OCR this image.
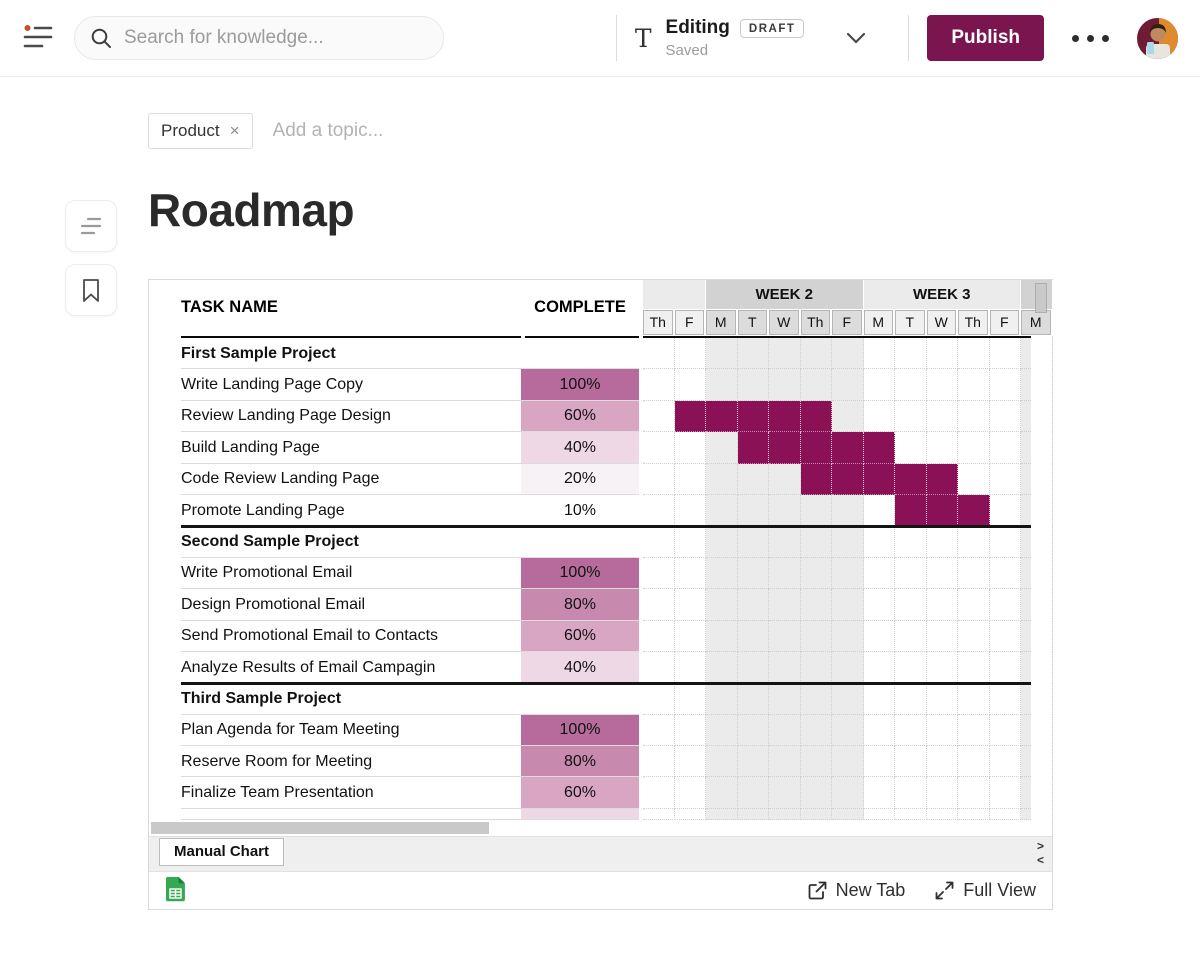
Search for knowledge...
T Editing	DRAFT
Saved
Publish
Product ×
Add a topic...
Roadmap
TASK NAME	COMPLETE
WEEK 2	WEEK 3
Th	F	M	T	W	Th	F	M	T	W	Th	F	M
First Sample Project
Write Landing Page Copy	100%
Review Landing Page Design	60%
Build Landing Page	40%
Code Review Landing Page	20%
Promote Landing Page	10%
Second Sample Project
Write Promotional Email	100%
Design Promotional Email	80%
Send Promotional Email to Contacts	60%
Analyze Results of Email Campagin	40%
Third Sample Project
Plan Agenda for Team Meeting	100%
Reserve Room for Meeting	80%
Finalize Team Presentation	60%
Manual Chart	>
<
New Tab	Full View
